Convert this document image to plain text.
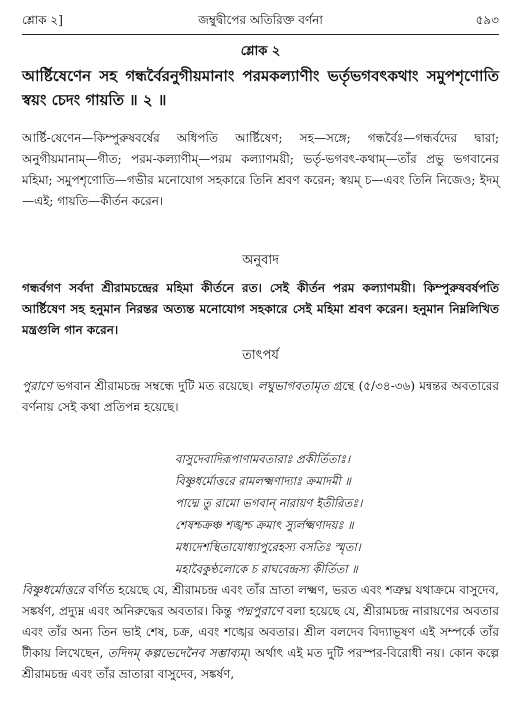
শ্লোক ২]	জম্বুদ্বীপের অতিরিক্ত বর্ণনা	৫৯৩
শ্লোক ২
আর্ষ্টিষেণেন সহ গন্ধর্বৈরনুগীয়মানাং পরমকল্যাণীং ভর্তৃভগবৎকথাং সমুপশৃণোতি স্বয়ং চেদং গায়তি ॥ ২ ॥
আর্ষ্টি-ষেণেন—কিম্পুরুষবর্ষের অধিপতি আর্ষ্টিষেণ; সহ—সঙ্গে; গন্ধর্বৈঃ—গন্ধর্বদের দ্বারা; অনুগীয়মানাম্—গীত; পরম-কল্যাণীম্—পরম কল্যাণময়ী; ভর্তৃ-ভগবৎ-কথাম্—তাঁর প্রভু ভগবানের মহিমা; সমুপশৃণোতি—গভীর মনোযোগ সহকারে তিনি শ্রবণ করেন; স্বয়ম্ চ—এবং তিনি নিজেও; ইদম্—এই; গায়তি—কীর্তন করেন।
অনুবাদ
গন্ধর্বগণ সর্বদা শ্রীরামচন্দ্রের মহিমা কীর্তনে রত। সেই কীর্তন পরম কল্যাণময়ী। কিম্পুরুষবর্ষপতি আর্ষ্টিষেণ সহ হনুমান নিরন্তর অত্যন্ত মনোযোগ সহকারে সেই মহিমা শ্রবণ করেন। হনুমান নিম্নলিখিত মন্ত্রগুলি গান করেন।
তাৎপর্য

পুরাণে ভগবান শ্রীরামচন্দ্র সম্বন্ধে দুটি মত রয়েছে। লঘুভাগবতামৃত গ্রন্থে (৫/৩৪-৩৬) মন্বন্তর অবতারের বর্ণনায় সেই কথা প্রতিপন্ন হয়েছে।

বাসুদেবাদিরূপাণামবতারাঃ প্রকীর্তিতাঃ।
বিষ্ণুধর্মোত্তরে রামলক্ষ্মণাদ্যাঃ ক্রমাদমী ॥
পাদ্মে তু রামো ভগবান্ নারায়ণ ইতীরিতঃ।
শেষশ্চক্রঞ্চ শঙ্খশ্চ ক্রমাৎ স্যুর্লক্ষ্মণাদয়ঃ ॥
মধ্যদেশস্থিতাযোধ্যাপুরেহস্য বসতিঃ স্মৃতা।
মহাবৈকুণ্ঠলোকে চ রাঘবেন্দ্রস্য কীর্তিতা ॥

বিষ্ণুধর্মোত্তরে বর্ণিত হয়েছে যে, শ্রীরামচন্দ্র এবং তাঁর ভ্রাতা লক্ষ্মণ, ভরত এবং শত্রুঘ্ন যথাক্রমে বাসুদেব, সঙ্কর্ষণ, প্রদ্যুম্ন এবং অনিরুদ্ধের অবতার। কিন্তু পদ্মপুরাণে বলা হয়েছে যে, শ্রীরামচন্দ্র নারায়ণের অবতার এবং তাঁর অন্য তিন ভাই শেষ, চক্র, এবং শঙ্খের অবতার। শ্রীল বলদেব বিদ্যাভূষণ এই সম্পর্কে তাঁর টীকায় লিখেছেন, তদিদম্ কল্পভেদেনৈব সম্ভাব্যম্। অর্থাৎ এই মত দুটি পরস্পর-বিরোধী নয়। কোন কল্পে শ্রীরামচন্দ্র এবং তাঁর ভ্রাতারা বাসুদেব, সঙ্কর্ষণ,
